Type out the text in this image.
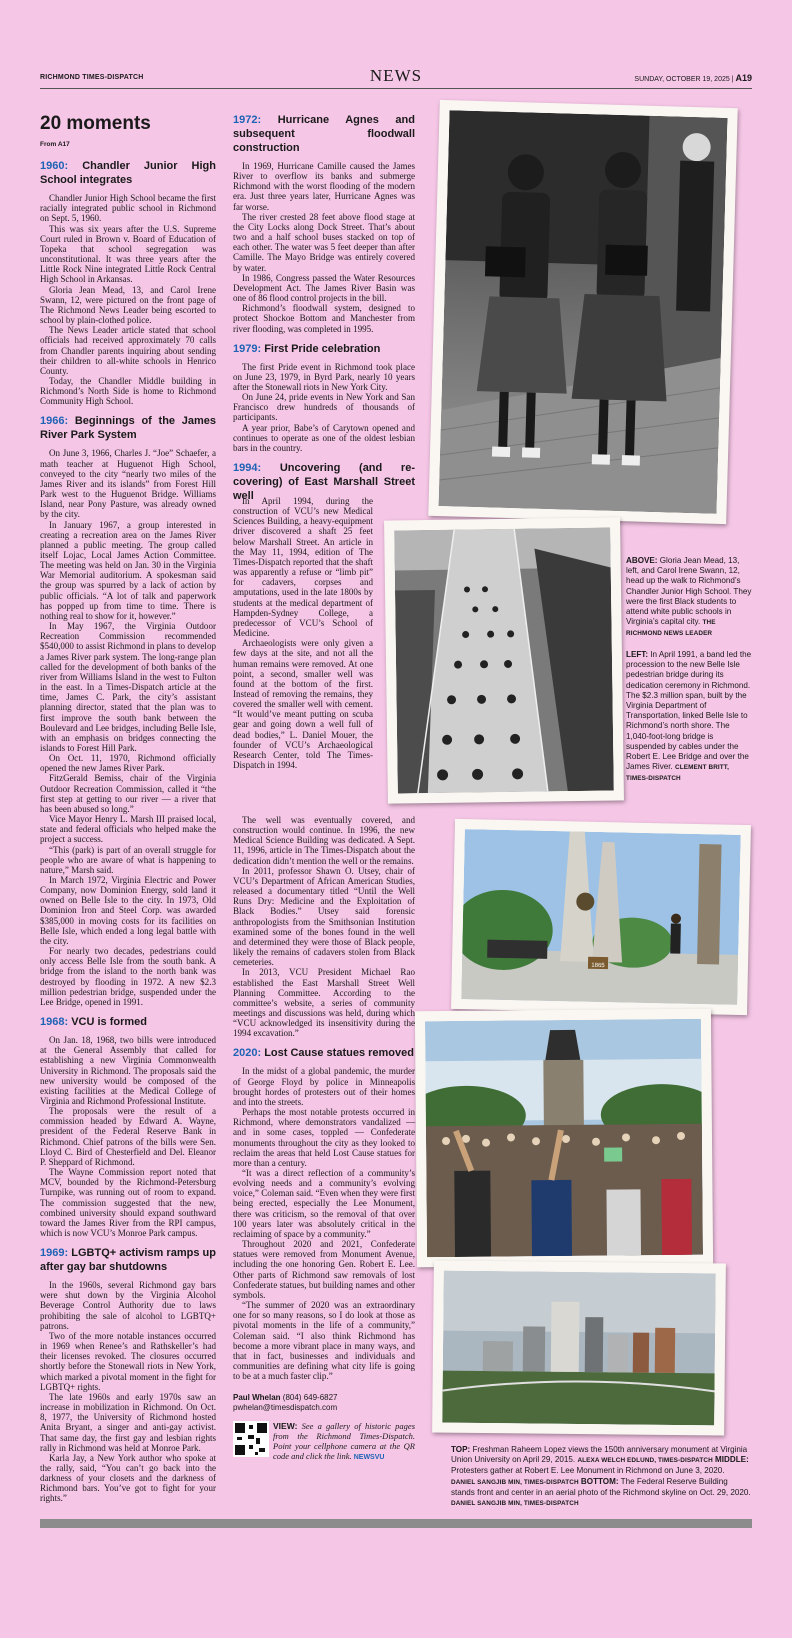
RICHMOND TIMES-DISPATCH	NEWS	SUNDAY, OCTOBER 19, 2025 | A19
20 moments
From A17
1960: Chandler Junior High School integrates

Chandler Junior High School became the first racially integrated public school in Richmond on Sept. 5, 1960.

This was six years after the U.S. Supreme Court ruled in Brown v. Board of Education of Topeka that school segregation was unconstitutional. It was three years after the Little Rock Nine integrated Little Rock Central High School in Arkansas.

Gloria Jean Mead, 13, and Carol Irene Swann, 12, were pictured on the front page of The Richmond News Leader being escorted to school by plain-clothed police.

The News Leader article stated that school officials had received approximately 70 calls from Chandler parents inquiring about sending their children to all-white schools in Henrico County.

Today, the Chandler Middle building in Richmond’s North Side is home to Richmond Community High School.

1966: Beginnings of the James River Park System

On June 3, 1966, Charles J. “Joe” Schaefer, a math teacher at Huguenot High School, conveyed to the city “nearly two miles of the James River and its islands” from Forest Hill Park west to the Huguenot Bridge. Williams Island, near Pony Pasture, was already owned by the city.

In January 1967, a group interested in creating a recreation area on the James River planned a public meeting. The group called itself Lojac, Local James Action Committee. The meeting was held on Jan. 30 in the Virginia War Memorial auditorium. A spokesman said the group was spurred by a lack of action by public officials. “A lot of talk and paperwork has popped up from time to time. There is nothing real to show for it, however.”

In May 1967, the Virginia Outdoor Recreation Commission recommended $540,000 to assist Richmond in plans to develop a James River park system. The long-range plan called for the development of both banks of the river from Williams Island in the west to Fulton in the east. In a Times-Dispatch article at the time, James C. Park, the city’s assistant planning director, stated that the plan was to first improve the south bank between the Boulevard and Lee bridges, including Belle Isle, with an emphasis on bridges connecting the islands to Forest Hill Park.

On Oct. 11, 1970, Richmond officially opened the new James River Park.

FitzGerald Bemiss, chair of the Virginia Outdoor Recreation Commission, called it “the first step at getting to our river — a river that has been abused so long.”

Vice Mayor Henry L. Marsh III praised local, state and federal officials who helped make the project a success.

“This (park) is part of an overall struggle for people who are aware of what is happening to nature,” Marsh said.

In March 1972, Virginia Electric and Power Company, now Dominion Energy, sold land it owned on Belle Isle to the city. In 1973, Old Dominion Iron and Steel Corp. was awarded $385,000 in moving costs for its facilities on Belle Isle, which ended a long legal battle with the city.

For nearly two decades, pedestrians could only access Belle Isle from the south bank. A bridge from the island to the north bank was destroyed by flooding in 1972. A new $2.3 million pedestrian bridge, suspended under the Lee Bridge, opened in 1991.

1968: VCU is formed

On Jan. 18, 1968, two bills were introduced at the General Assembly that called for establishing a new Virginia Commonwealth University in Richmond. The proposals said the new university would be composed of the existing facilities at the Medical College of Virginia and Richmond Professional Institute.

The proposals were the result of a commission headed by Edward A. Wayne, president of the Federal Reserve Bank in Richmond. Chief patrons of the bills were Sen. Lloyd C. Bird of Chesterfield and Del. Eleanor P. Sheppard of Richmond.

The Wayne Commission report noted that MCV, bounded by the Richmond-Petersburg Turnpike, was running out of room to expand. The commission suggested that the new, combined university should expand southward toward the James River from the RPI campus, which is now VCU’s Monroe Park campus.

1969: LGBTQ+ activism ramps up after gay bar shutdowns

In the 1960s, several Richmond gay bars were shut down by the Virginia Alcohol Beverage Control Authority due to laws prohibiting the sale of alcohol to LGBTQ+ patrons.

Two of the more notable instances occurred in 1969 when Renee’s and Rathskeller’s had their licenses revoked. The closures occurred shortly before the Stonewall riots in New York, which marked a pivotal moment in the fight for LGBTQ+ rights.

The late 1960s and early 1970s saw an increase in mobilization in Richmond. On Oct. 8, 1977, the University of Richmond hosted Anita Bryant, a singer and anti-gay activist. That same day, the first gay and lesbian rights rally in Richmond was held at Monroe Park.

Karla Jay, a New York author who spoke at the rally, said, “You can’t go back into the darkness of your closets and the darkness of Richmond bars. You’ve got to fight for your rights.”

1972: Hurricane Agnes and subsequent floodwall construction

In 1969, Hurricane Camille caused the James River to overflow its banks and submerge Richmond with the worst flooding of the modern era. Just three years later, Hurricane Agnes was far worse.

The river crested 28 feet above flood stage at the City Locks along Dock Street. That’s about two and a half school buses stacked on top of each other. The water was 5 feet deeper than after Camille. The Mayo Bridge was entirely covered by water.

In 1986, Congress passed the Water Resources Development Act. The James River Basin was one of 86 flood control projects in the bill.

Richmond’s floodwall system, designed to protect Shockoe Bottom and Manchester from river flooding, was completed in 1995.

1979: First Pride celebration

The first Pride event in Richmond took place on June 23, 1979, in Byrd Park, nearly 10 years after the Stonewall riots in New York City.

On June 24, pride events in New York and San Francisco drew hundreds of thousands of participants.

A year prior, Babe’s of Carytown opened and continues to operate as one of the oldest lesbian bars in the country.

1994: Uncovering (and re-covering) of East Marshall Street well

In April 1994, during the construction of VCU’s new Medical Sciences Building, a heavy-equipment driver discovered a shaft 25 feet below Marshall Street. An article in the May 11, 1994, edition of The Times-Dispatch reported that the shaft was apparently a refuse or “limb pit” for cadavers, corpses and amputations, used in the late 1800s by students at the medical department of Hampden-Sydney College, a predecessor of VCU’s School of Medicine.

Archaeologists were only given a few days at the site, and not all the human remains were removed. At one point, a second, smaller well was found at the bottom of the first. Instead of removing the remains, they covered the smaller well with cement. “It would’ve meant putting on scuba gear and going down a well full of dead bodies,” L. Daniel Mouer, the founder of VCU’s Archaeological Research Center, told The Times-Dispatch in 1994.

The well was eventually covered, and construction would continue. In 1996, the new Medical Science Building was dedicated. A Sept. 11, 1996, article in The Times-Dispatch about the dedication didn’t mention the well or the remains.

In 2011, professor Shawn O. Utsey, chair of VCU’s Department of African American Studies, released a documentary titled “Until the Well Runs Dry: Medicine and the Exploitation of Black Bodies.” Utsey said forensic anthropologists from the Smithsonian Institution examined some of the bones found in the well and determined they were those of Black people, likely the remains of cadavers stolen from Black cemeteries.

In 2013, VCU President Michael Rao established the East Marshall Street Well Planning Committee. According to the committee’s website, a series of community meetings and discussions was held, during which “VCU acknowledged its insensitivity during the 1994 excavation.”

2020: Lost Cause statues removed

In the midst of a global pandemic, the murder of George Floyd by police in Minneapolis brought hordes of protesters out of their homes and into the streets.

Perhaps the most notable protests occurred in Richmond, where demonstrators vandalized — and in some cases, toppled — Confederate monuments throughout the city as they looked to reclaim the areas that held Lost Cause statues for more than a century.

“It was a direct reflection of a community’s evolving needs and a community’s evolving voice,” Coleman said. “Even when they were first being erected, especially the Lee Monument, there was criticism, so the removal of that over 100 years later was absolutely critical in the reclaiming of space by a community.”

Throughout 2020 and 2021, Confederate statues were removed from Monument Avenue, including the one honoring Gen. Robert E. Lee. Other parts of Richmond saw removals of lost Confederate statues, but building names and other symbols.

“The summer of 2020 was an extraordinary one for so many reasons, so I do look at those as pivotal moments in the life of a community,” Coleman said. “I also think Richmond has become a more vibrant place in many ways, and that in fact, businesses and individuals and communities are defining what city life is going to be at a much faster clip.”

Paul Whelan (804) 649-6827
pwhelan@timesdispatch.com
VIEW: See a gallery of historic pages from the Richmond Times-Dispatch. Point your cellphone camera at the QR code and click the link. NEWSVU
ABOVE: Gloria Jean Mead, 13, left, and Carol Irene Swann, 12, head up the walk to Richmond’s Chandler Junior High School. They were the first Black students to attend white public schools in Virginia’s capital city. THE RICHMOND NEWS LEADER
LEFT: In April 1991, a band led the procession to the new Belle Isle pedestrian bridge during its dedication ceremony in Richmond. The $2.3 million span, built by the Virginia Department of Transportation, linked Belle Isle to Richmond’s north shore. The 1,040-foot-long bridge is suspended by cables under the Robert E. Lee Bridge and over the James River. CLEMENT BRITT, TIMES-DISPATCH
1865
TOP: Freshman Raheem Lopez views the 150th anniversary monument at Virginia Union University on April 29, 2015. ALEXA WELCH EDLUND, TIMES-DISPATCH MIDDLE: Protesters gather at Robert E. Lee Monument in Richmond on June 3, 2020. DANIEL SANGJIB MIN, TIMES-DISPATCH BOTTOM: The Federal Reserve Building stands front and center in an aerial photo of the Richmond skyline on Oct. 29, 2020. DANIEL SANGJIB MIN, TIMES-DISPATCH
